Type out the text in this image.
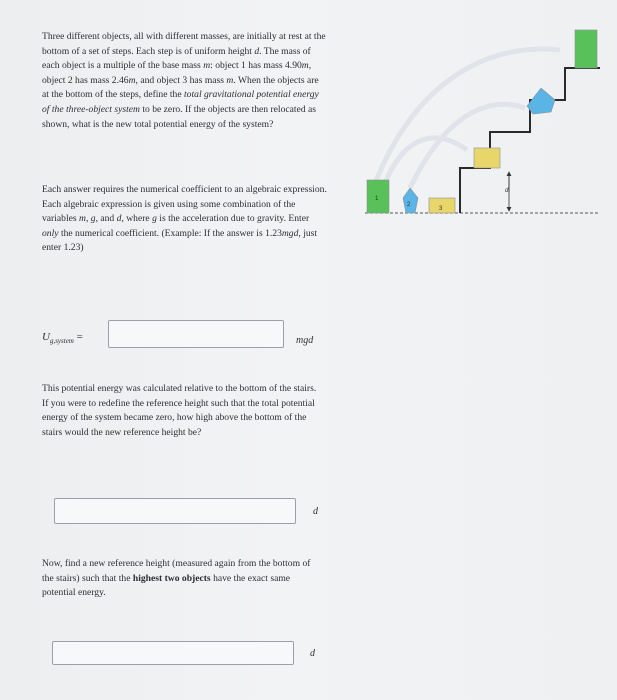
Three different objects, all with different masses, are initially at rest at the bottom of a set of steps. Each step is of uniform height d. The mass of each object is a multiple of the base mass m: object 1 has mass 4.90m, object 2 has mass 2.46m, and object 3 has mass m. When the objects are at the bottom of the steps, define the total gravitational potential energy of the three-object system to be zero. If the objects are then relocated as shown, what is the new total potential energy of the system?

Each answer requires the numerical coefficient to an algebraic expression. Each algebraic expression is given using some combination of the variables m, g, and d, where g is the acceleration due to gravity. Enter only the numerical coefficient. (Example: If the answer is 1.23mgd, just enter 1.23)

$U_{g,system}$ =	mgd

This potential energy was calculated relative to the bottom of the stairs. If you were to redefine the reference height such that the total potential energy of the system became zero, how high above the bottom of the stairs would the new reference height be?

d

Now, find a new reference height (measured again from the bottom of the stairs) such that the highest two objects have the exact same potential energy.

d
1
2
3
d
